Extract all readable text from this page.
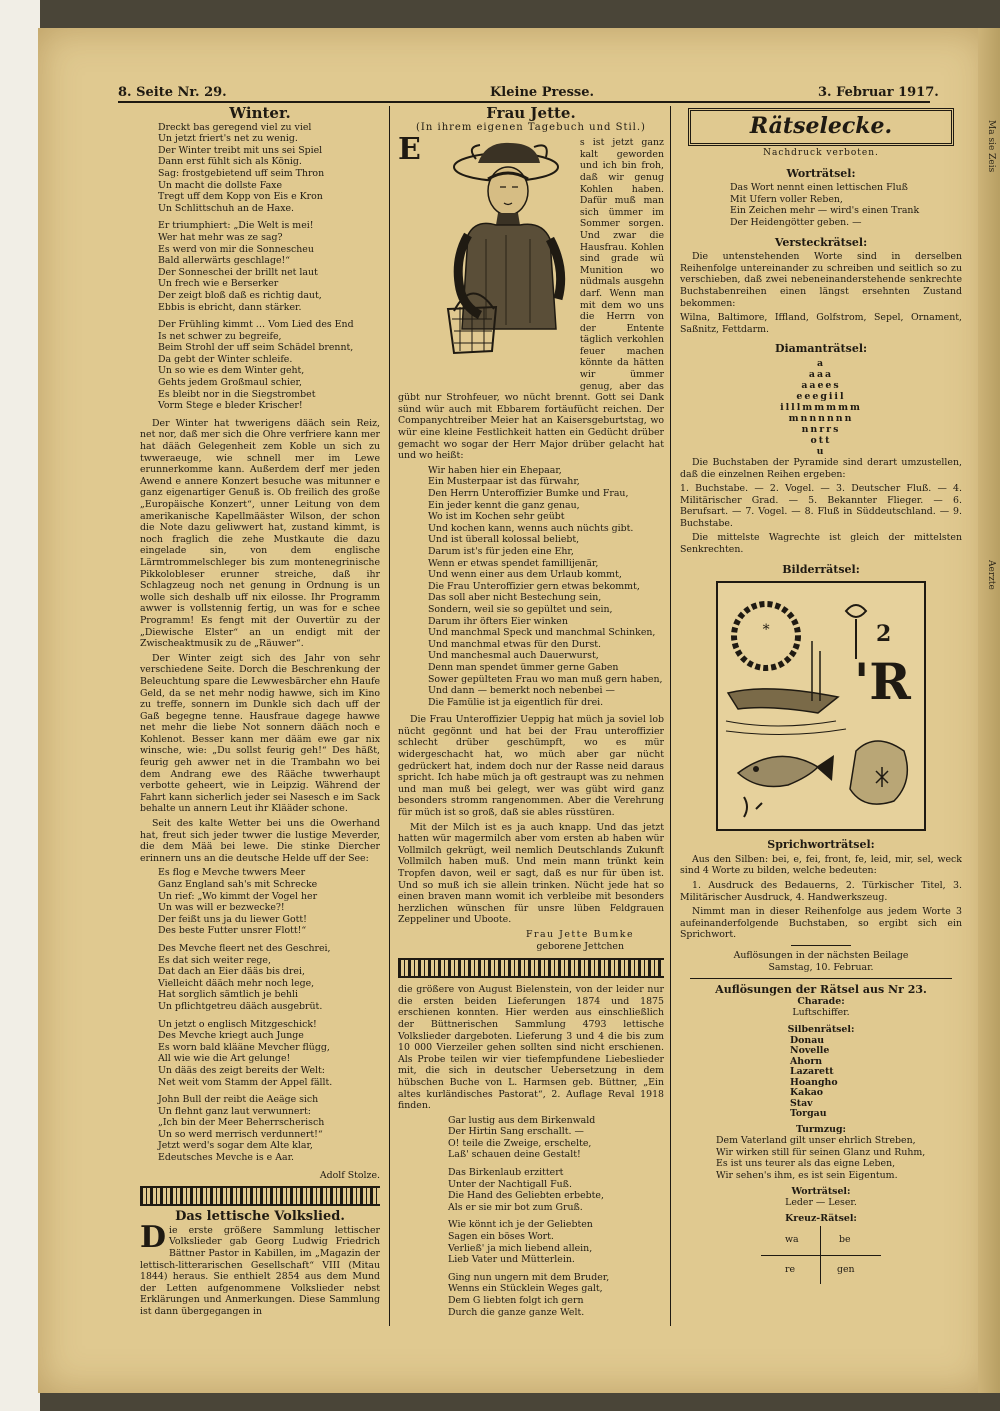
Ma sie Zeis
Aerzte
8. Seite Nr. 29.	Kleine Presse.	3. Februar 1917.
Winter.
Dreckt bas geregend viel zu viel
Un jetzt friert's net zu wenig.
Der Winter treibt mit uns sei Spiel
Dann erst fühlt sich als König.
Sag: frostgebietend uff seim Thron
Un macht die dollste Faxe
Tregt uff dem Kopp von Eis e Kron
Un Schlittschuh an de Haxe.
Er triumphiert: „Die Welt is mei!
Wer hat mehr was ze sag?
Es werd von mir die Sonnescheu
Bald allerwärts geschlage!“
Der Sonneschei der brillt net laut
Un frech wie e Berserker
Der zeigt bloß daß es richtig daut,
Ebbis is ebricht, dann stärker.
Der Frühling kimmt … Vom Lied des End
Is net schwer zu begreife,
Beim Strohl der uff seim Schädel brennt,
Da gebt der Winter schleife.
Un so wie es dem Winter geht,
Gehts jedem Großmaul schier,
Es bleibt nor in die Siegstrombet
Vorm Stege e bleder Krischer!

Der Winter hat twwerigens dääch sein Reiz, net nor, daß mer sich die Ohre verfriere kann mer hat dääch Gelegenheit zem Koble un sich zu twweraeuge, wie schnell mer im Lewe erunnerkomme kann. Außerdem derf mer jeden Awend e annere Konzert besuche was mitunner e ganz eigenartiger Genuß is. Ob freilich des große „Europäische Konzert“, unner Leitung von dem amerikanische Kapellmääster Wilson, der schon die Note dazu geliwwert hat, zustand kimmt, is noch fraglich die zehe Mustkaute die dazu eingelade sin, von dem englische Lärmtrommelschleger bis zum montenegrinische Pikkolobleser erunner streiche, daß ihr Schlagzeug noch net genung in Ordnung is un wolle sich deshalb uff nix eilosse. Ihr Programm awwer is vollstennig fertig, un was for e schee Programm! Es fengt mit der Ouvertür zu der „Diewische Elster“ an un endigt mit der Zwischeaktmusik zu de „Räuwer“.

Der Winter zeigt sich des Jahr von sehr verschiedene Seite. Dorch die Beschrenkung der Beleuchtung spare die Lewwesbärcher ehn Haufe Geld, da se net mehr nodig hawwe, sich im Kino zu treffe, sonnern im Dunkle sich dach uff der Gaß begegne tenne. Hausfraue dagege hawwe net mehr die liebe Not sonnern dääch noch e Kohlenot. Besser kann mer dääm ewe gar nix winsche, wie: „Du sollst feurig geh!“ Des häßt, feurig geh awwer net in die Trambahn wo bei dem Andrang ewe des Rääche twwerhaupt verbotte geheert, wie in Leipzig. Während der Fahrt kann sicherlich jeder sei Nasesch e im Sack behalte un annern Leut ihr Klääder schone.

Seit des kalte Wetter bei uns die Owerhand hat, freut sich jeder twwer die lustige Meverder, die dem Mää bei lewe. Die stinke Diercher erinnern uns an die deutsche Helde uff der See:

Es flog e Mevche twwers Meer
Ganz England sah's mit Schrecke
Un rief: „Wo kimmt der Vogel her
Un was will er bezwecke?!
Der feißt uns ja du liewer Gott!
Des beste Futter unsrer Flott!“
Des Mevche fleert net des Geschrei,
Es dat sich weiter rege,
Dat dach an Eier dääs bis drei,
Vielleicht dääch mehr noch lege,
Hat sorglich sämtlich je behli
Un pflichtgetreu dääch ausgebrüt.
Un jetzt o englisch Mitzgeschick!
Des Mevche kriegt auch Junge
Es worn bald klääne Mevcher flügg,
All wie wie die Art gelunge!
Un dääs des zeigt bereits der Welt:
Net weit vom Stamm der Appel fällt.
John Bull der reibt die Aeäge sich
Un flehnt ganz laut verwunnert:
„Ich bin der Meer Beherrscherisch
Un so werd merrisch verdunnert!“
Jetzt werd's sogar dem Alte klar,
Edeutsches Mevche is e Aar.
Adolf Stolze.
Das lettische Volkslied.

Die erste größere Sammlung lettischer Volkslieder gab Georg Ludwig Friedrich Bättner Pastor in Kabillen, im „Magazin der lettisch-litterarischen Gesellschaft“ VIII (Mitau 1844) heraus. Sie enthielt 2854 aus dem Mund der Letten aufgenommene Volkslieder nebst Erklärungen und Anmerkungen. Diese Sammlung ist dann übergegangen in

Frau Jette.
(In ihrem eigenen Tagebuch und Stil.)

E	s ist jetzt ganz kalt geworden und ich bin froh, daß wir genug Kohlen haben. Dafür muß man sich ümmer im Sommer sorgen. Und zwar die Hausfrau. Kohlen sind grade wü Munition wo nüdmals ausgehn darf. Wenn man mit dem wo uns die Herrn von der Entente täglich verkohlen feuer machen könnte da hätten wir ümmer genug, aber das gübt nur Strohfeuer, wo nücht brennt. Gott sei Dank sünd wür auch mit Ebbarem fortäufücht reichen. Der Companychtreiber Meier hat an Kaisersgeburtstag, wo wür eine kleine Festlichkeit hatten ein Gedücht drüber gemacht wo sogar der Herr Major drüber gelacht hat und wo heißt:

Wir haben hier ein Ehepaar,
Ein Musterpaar ist das fürwahr,
Den Herrn Unteroffizier Bumke und Frau,
Ein jeder kennt die ganz genau,
Wo ist im Kochen sehr geübt
Und kochen kann, wenns auch nüchts gibt.
Und ist überall kolossal beliebt,
Darum ist's für jeden eine Ehr,
Wenn er etwas spendet famillijenär,
Und wenn einer aus dem Urlaub kommt,
Die Frau Unteroffizier gern etwas bekommt,
Das soll aber nicht Bestechung sein,
Sondern, weil sie so gepültet und sein,
Darum ihr öfters Eier winken
Und manchmal Speck und manchmal Schinken,
Und manchmal etwas für den Durst.
Und manchesmal auch Dauerwurst,
Denn man spendet ümmer gerne Gaben
Sower gepülteten Frau wo man muß gern haben,
Und dann — bemerkt noch nebenbei —
Die Famülie ist ja eigentlich für drei.

Die Frau Unteroffizier Ueppig hat müch ja soviel lob nücht gegönnt und hat bei der Frau unteroffizier schlecht drüber geschümpft, wo es mür widergeschacht hat, wo müch aber gar nücht gedrückert hat, indem doch nur der Rasse neid daraus spricht. Ich habe müch ja oft gestraupt was zu nehmen und man muß bei gelegt, wer was gübt wird ganz besonders stromm rangenommen. Aber die Verehrung für müch ist so groß, daß sie ables rüsstüren.

Mit der Milch ist es ja auch knapp. Und das jetzt hatten wür magermilch aber vom ersten ab haben wür Vollmilch gekrügt, weil nemlich Deutschlands Zukunft Vollmilch haben muß. Und mein mann trünkt kein Tropfen davon, weil er sagt, daß es nur für üben ist. Und so muß ich sie allein trinken. Nücht jede hat so einen braven mann womit ich verbleibe mit besonders herzlichen wünschen für unsre lüben Feldgrauen Zeppeliner und Uboote.

Frau Jette Bumke
geborene Jettchen

die größere von August Bielenstein, von der leider nur die ersten beiden Lieferungen 1874 und 1875 erschienen konnten. Hier werden aus einschließlich der Büttnerischen Sammlung 4793 lettische Volkslieder dargeboten. Lieferung 3 und 4 die bis zum 10 000 Vierzeiler gehen sollten sind nicht erschienen. Als Probe teilen wir vier tiefempfundene Liebeslieder mit, die sich in deutscher Uebersetzung in dem hübschen Buche von L. Harmsen geb. Büttner, „Ein altes kurländisches Pastorat“, 2. Auflage Reval 1918 finden.

Gar lustig aus dem Birkenwald
Der Hirtin Sang erschallt. —
O! teile die Zweige, erschelte,
Laß' schauen deine Gestalt!
Das Birkenlaub erzittert
Unter der Nachtigall Fuß.
Die Hand des Geliebten erbebte,
Als er sie mir bot zum Gruß.
Wie könnt ich je der Geliebten
Sagen ein böses Wort.
Verließ' ja mich liebend allein,
Lieb Vater und Mütterlein.
Ging nun ungern mit dem Bruder,
Wenns ein Stücklein Weges galt,
Dem G liebten folgt ich gern
Durch die ganze ganze Welt.
Rätselecke.
Nachdruck verboten.
Worträtsel:
Das Wort nennt einen lettischen Fluß
Mit Ufern voller Reben,
Ein Zeichen mehr — wird's einen Trank
Der Heidengötter geben. —
Versteckrätsel:

Die untenstehenden Worte sind in derselben Reihenfolge untereinander zu schreiben und seitlich so zu verschieben, daß zwei nebeneinanderstehende senkrechte Buchstabenreihen einen längst ersehnten Zustand bekommen:

Wilna, Baltimore, Iffland, Golfstrom, Sepel, Ornament, Saßnitz, Fettdarm.

Diamanträtsel:
a
aaa
aaees
eeegiil
illlmmmmm
mnnnnnn
nnrrs
ott
u

Die Buchstaben der Pyramide sind derart umzustellen, daß die einzelnen Reihen ergeben:

1. Buchstabe. — 2. Vogel. — 3. Deutscher Fluß. — 4. Militärischer Grad. — 5. Bekannter Flieger. — 6. Berufsart. — 7. Vogel. — 8. Fluß in Süddeutschland. — 9. Buchstabe.

Die mittelste Wagrechte ist gleich der mittelsten Senkrechten.

Bilderrätsel:
∗	2
'R
Sprichworträtsel:

Aus den Silben: bei, e, fei, front, fe, leid, mir, sel, weck sind 4 Worte zu bilden, welche bedeuten:

1. Ausdruck des Bedauerns, 2. Türkischer Titel, 3. Militärischer Ausdruck, 4. Handwerkszeug.

Nimmt man in dieser Reihenfolge aus jedem Worte 3 aufeinanderfolgende Buchstaben, so ergibt sich ein Sprichwort.

Auflösungen in der nächsten Beilage
Samstag, 10. Februar.
Auflösungen der Rätsel aus Nr 23.
Charade:
Luftschiffer.
Silbenrätsel:
Donau
Novelle
Ahorn
Lazarett
Hoangho
Kakao
Stav
Torgau
Turmzug:
Dem Vaterland gilt unser ehrlich Streben,
Wir wirken still für seinen Glanz und Ruhm,
Es ist uns teurer als das eigne Leben,
Wir sehen's ihm, es ist sein Eigentum.
Worträtsel:
Leder — Leser.
Kreuz-Rätsel:
wa	be
re	gen
